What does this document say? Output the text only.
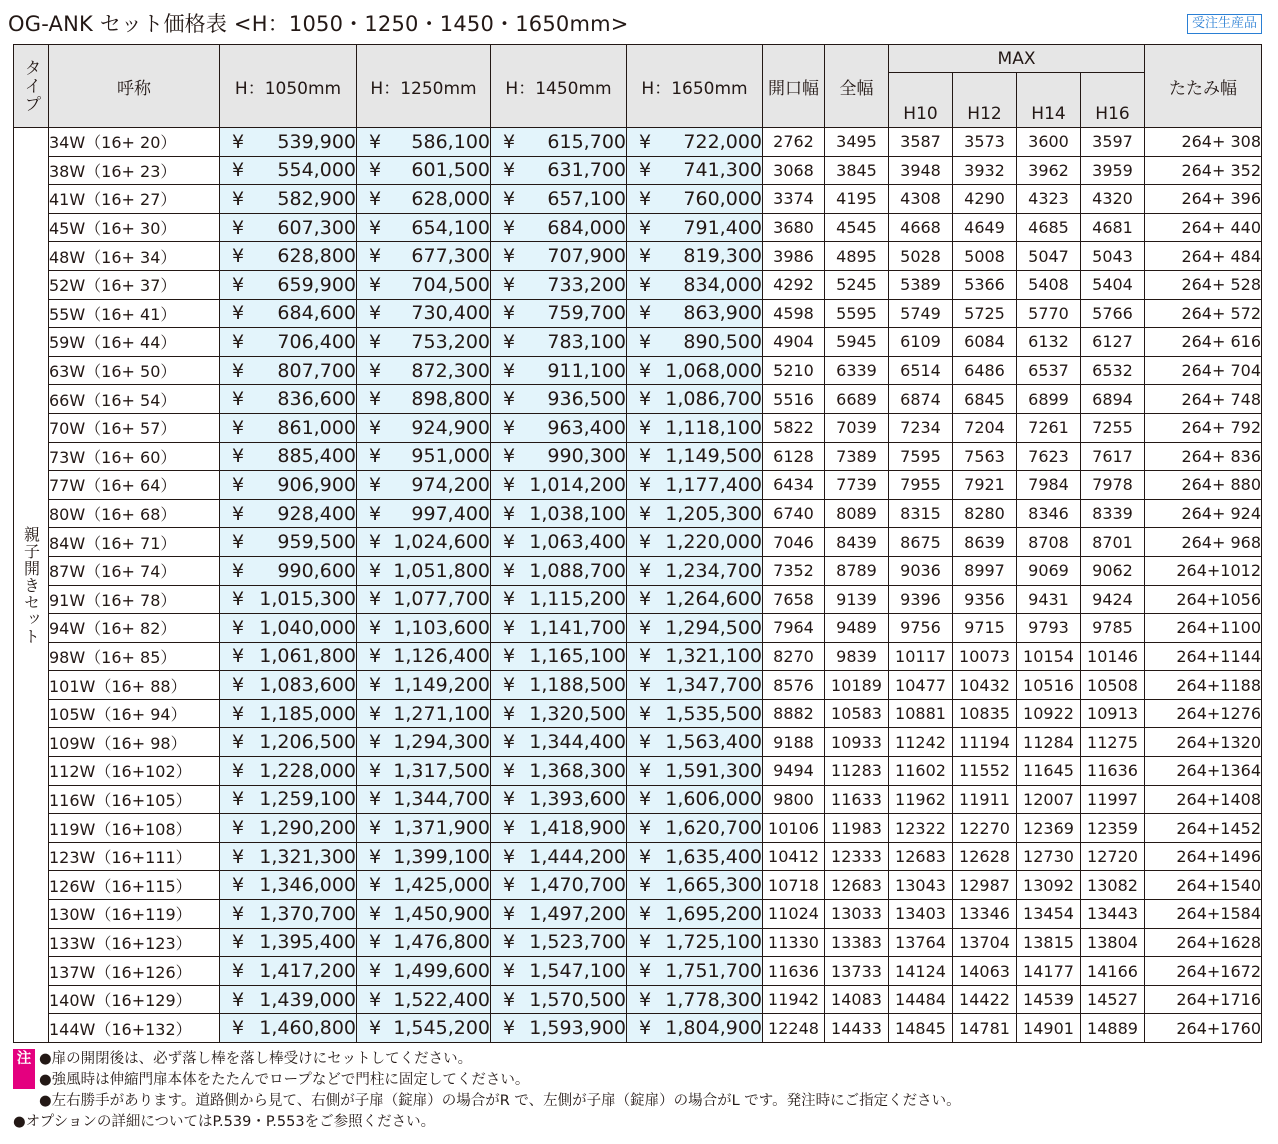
OG-ANK セット価格表 <H：1050・1250・1450・1650mm>	受注生産品
タイプ	呼称	H：1050mm	H：1250mm	H：1450mm	H：1650mm	開口幅	全幅	MAX				たたみ幅
								H10	H12	H14	H16	
親子開きセット	34W（16+ 20）	¥ 539,900	¥ 586,100	¥ 615,700	¥ 722,000	2762	3495	3587	3573	3600	3597	264+ 308
	38W（16+ 23）	¥ 554,000	¥ 601,500	¥ 631,700	¥ 741,300	3068	3845	3948	3932	3962	3959	264+ 352
	41W（16+ 27）	¥ 582,900	¥ 628,000	¥ 657,100	¥ 760,000	3374	4195	4308	4290	4323	4320	264+ 396
	45W（16+ 30）	¥ 607,300	¥ 654,100	¥ 684,000	¥ 791,400	3680	4545	4668	4649	4685	4681	264+ 440
	48W（16+ 34）	¥ 628,800	¥ 677,300	¥ 707,900	¥ 819,300	3986	4895	5028	5008	5047	5043	264+ 484
	52W（16+ 37）	¥ 659,900	¥ 704,500	¥ 733,200	¥ 834,000	4292	5245	5389	5366	5408	5404	264+ 528
	55W（16+ 41）	¥ 684,600	¥ 730,400	¥ 759,700	¥ 863,900	4598	5595	5749	5725	5770	5766	264+ 572
	59W（16+ 44）	¥ 706,400	¥ 753,200	¥ 783,100	¥ 890,500	4904	5945	6109	6084	6132	6127	264+ 616
	63W（16+ 50）	¥ 807,700	¥ 872,300	¥ 911,100	¥ 1,068,000	5210	6339	6514	6486	6537	6532	264+ 704
	66W（16+ 54）	¥ 836,600	¥ 898,800	¥ 936,500	¥ 1,086,700	5516	6689	6874	6845	6899	6894	264+ 748
	70W（16+ 57）	¥ 861,000	¥ 924,900	¥ 963,400	¥ 1,118,100	5822	7039	7234	7204	7261	7255	264+ 792
	73W（16+ 60）	¥ 885,400	¥ 951,000	¥ 990,300	¥ 1,149,500	6128	7389	7595	7563	7623	7617	264+ 836
	77W（16+ 64）	¥ 906,900	¥ 974,200	¥ 1,014,200	¥ 1,177,400	6434	7739	7955	7921	7984	7978	264+ 880
	80W（16+ 68）	¥ 928,400	¥ 997,400	¥ 1,038,100	¥ 1,205,300	6740	8089	8315	8280	8346	8339	264+ 924
	84W（16+ 71）	¥ 959,500	¥ 1,024,600	¥ 1,063,400	¥ 1,220,000	7046	8439	8675	8639	8708	8701	264+ 968
	87W（16+ 74）	¥ 990,600	¥ 1,051,800	¥ 1,088,700	¥ 1,234,700	7352	8789	9036	8997	9069	9062	264+1012
	91W（16+ 78）	¥ 1,015,300	¥ 1,077,700	¥ 1,115,200	¥ 1,264,600	7658	9139	9396	9356	9431	9424	264+1056
	94W（16+ 82）	¥ 1,040,000	¥ 1,103,600	¥ 1,141,700	¥ 1,294,500	7964	9489	9756	9715	9793	9785	264+1100
	98W（16+ 85）	¥ 1,061,800	¥ 1,126,400	¥ 1,165,100	¥ 1,321,100	8270	9839	10117	10073	10154	10146	264+1144
	101W（16+ 88）	¥ 1,083,600	¥ 1,149,200	¥ 1,188,500	¥ 1,347,700	8576	10189	10477	10432	10516	10508	264+1188
	105W（16+ 94）	¥ 1,185,000	¥ 1,271,100	¥ 1,320,500	¥ 1,535,500	8882	10583	10881	10835	10922	10913	264+1276
	109W（16+ 98）	¥ 1,206,500	¥ 1,294,300	¥ 1,344,400	¥ 1,563,400	9188	10933	11242	11194	11284	11275	264+1320
	112W（16+102）	¥ 1,228,000	¥ 1,317,500	¥ 1,368,300	¥ 1,591,300	9494	11283	11602	11552	11645	11636	264+1364
	116W（16+105）	¥ 1,259,100	¥ 1,344,700	¥ 1,393,600	¥ 1,606,000	9800	11633	11962	11911	12007	11997	264+1408
	119W（16+108）	¥ 1,290,200	¥ 1,371,900	¥ 1,418,900	¥ 1,620,700	10106	11983	12322	12270	12369	12359	264+1452
	123W（16+111）	¥ 1,321,300	¥ 1,399,100	¥ 1,444,200	¥ 1,635,400	10412	12333	12683	12628	12730	12720	264+1496
	126W（16+115）	¥ 1,346,000	¥ 1,425,000	¥ 1,470,700	¥ 1,665,300	10718	12683	13043	12987	13092	13082	264+1540
	130W（16+119）	¥ 1,370,700	¥ 1,450,900	¥ 1,497,200	¥ 1,695,200	11024	13033	13403	13346	13454	13443	264+1584
	133W（16+123）	¥ 1,395,400	¥ 1,476,800	¥ 1,523,700	¥ 1,725,100	11330	13383	13764	13704	13815	13804	264+1628
	137W（16+126）	¥ 1,417,200	¥ 1,499,600	¥ 1,547,100	¥ 1,751,700	11636	13733	14124	14063	14177	14166	264+1672
	140W（16+129）	¥ 1,439,000	¥ 1,522,400	¥ 1,570,500	¥ 1,778,300	11942	14083	14484	14422	14539	14527	264+1716
	144W（16+132）	¥ 1,460,800	¥ 1,545,200	¥ 1,593,900	¥ 1,804,900	12248	14433	14845	14781	14901	14889	264+1760
注 ●扉の開閉後は、必ず落し棒を落し棒受けにセットしてください。
●強風時は伸縮門扉本体をたたんでロープなどで門柱に固定してください。
●左右勝手があります。道路側から見て、右側が子扉（錠扉）の場合がR で、左側が子扉（錠扉）の場合がL です。発注時にご指定ください。
●オプションの詳細についてはP.539・P.553をご参照ください。
